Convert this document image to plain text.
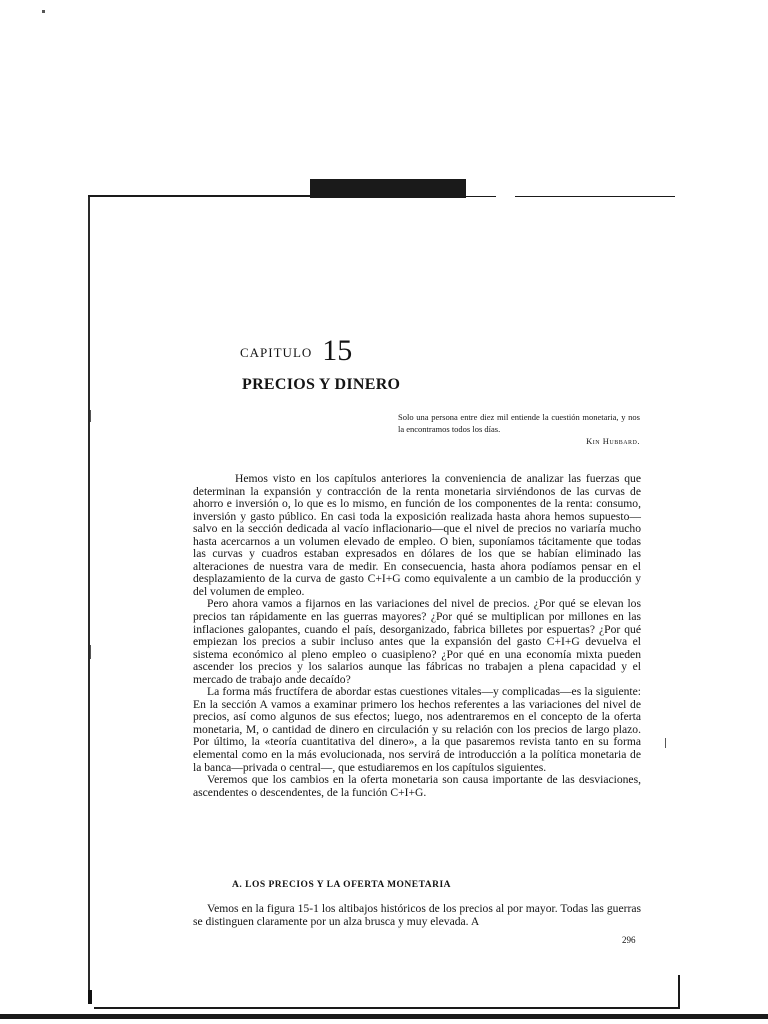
CAPITULO 15
PRECIOS Y DINERO
Solo una persona entre diez mil entiende la cuestión monetaria, y nos la encontramos todos los días.
Kin Hubbard.

Hemos visto en los capítulos anteriores la conveniencia de analizar las fuerzas que determinan la expansión y contracción de la renta monetaria sirviéndonos de las curvas de ahorro e inversión o, lo que es lo mismo, en función de los componentes de la renta: consumo, inversión y gasto público. En casi toda la exposición realizada hasta ahora hemos supuesto—salvo en la sección dedicada al vacío inflacionario—que el nivel de precios no variaría mucho hasta acercarnos a un volumen elevado de empleo. O bien, suponíamos tácitamente que todas las curvas y cuadros estaban expresados en dólares de los que se habían eliminado las alteraciones de nuestra vara de medir. En consecuencia, hasta ahora podíamos pensar en el desplazamiento de la curva de gasto C+I+G como equivalente a un cambio de la producción y del volumen de empleo.

Pero ahora vamos a fijarnos en las variaciones del nivel de precios. ¿Por qué se elevan los precios tan rápidamente en las guerras mayores? ¿Por qué se multiplican por millones en las inflaciones galopantes, cuando el país, desorganizado, fabrica billetes por espuertas? ¿Por qué empiezan los precios a subir incluso antes que la expansión del gasto C+I+G devuelva el sistema económico al pleno empleo o cuasipleno? ¿Por qué en una economía mixta pueden ascender los precios y los salarios aunque las fábricas no trabajen a plena capacidad y el mercado de trabajo ande decaído?

La forma más fructífera de abordar estas cuestiones vitales—y complicadas—es la siguiente: En la sección A vamos a examinar primero los hechos referentes a las variaciones del nivel de precios, así como algunos de sus efectos; luego, nos adentraremos en el concepto de la oferta monetaria, M, o cantidad de dinero en circulación y su relación con los precios de largo plazo. Por último, la «teoría cuantitativa del dinero», a la que pasaremos revista tanto en su forma elemental como en la más evolucionada, nos servirá de introducción a la política monetaria de la banca—privada o central—, que estudiaremos en los capítulos siguientes.

Veremos que los cambios en la oferta monetaria son causa importante de las desviaciones, ascendentes o descendentes, de la función C+I+G.

A. LOS PRECIOS Y LA OFERTA MONETARIA

Vemos en la figura 15-1 los altibajos históricos de los precios al por mayor. Todas las guerras se distinguen claramente por un alza brusca y muy elevada. A

296
